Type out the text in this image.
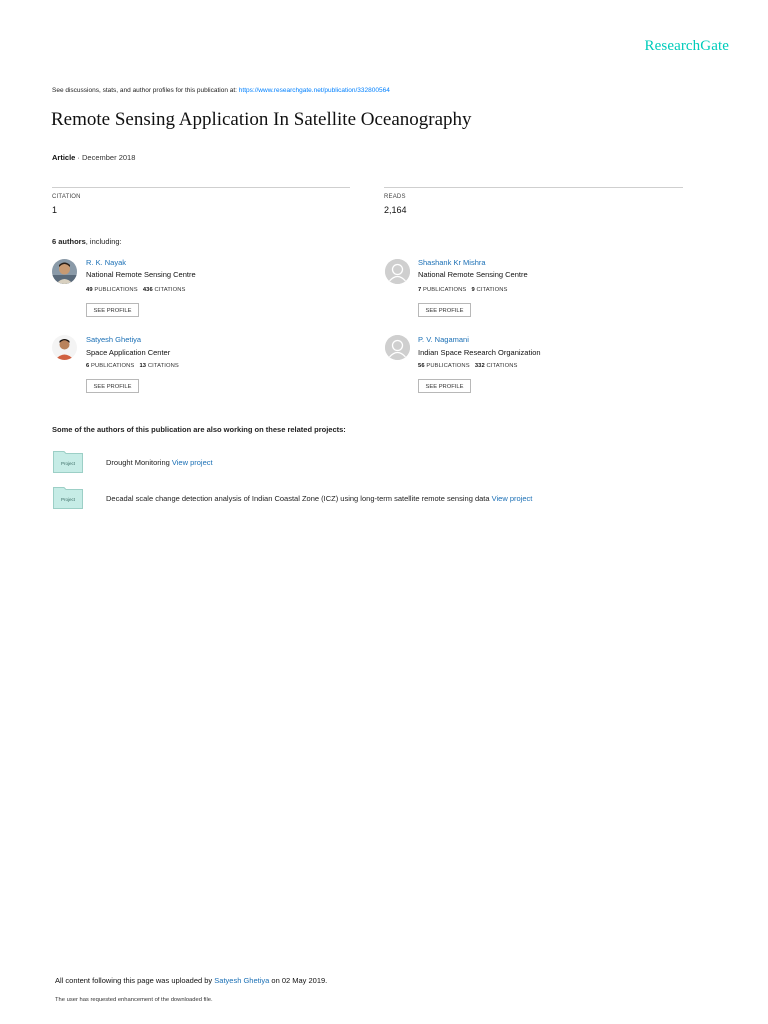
ResearchGate
See discussions, stats, and author profiles for this publication at: https://www.researchgate.net/publication/332800564
Remote Sensing Application In Satellite Oceanography
Article · December 2018
CITATION
1
READS
2,164
6 authors, including:
R. K. Nayak
National Remote Sensing Centre
49 PUBLICATIONS 436 CITATIONS
SEE PROFILE
Shashank Kr Mishra
National Remote Sensing Centre
7 PUBLICATIONS 9 CITATIONS
SEE PROFILE
Satyesh Ghetiya
Space Application Center
6 PUBLICATIONS 13 CITATIONS
SEE PROFILE
P. V. Nagamani
Indian Space Research Organization
56 PUBLICATIONS 332 CITATIONS
SEE PROFILE
Some of the authors of this publication are also working on these related projects:
Project	Drought Monitoring View project
Project	Decadal scale change detection analysis of Indian Coastal Zone (ICZ) using long-term satellite remote sensing data View project
All content following this page was uploaded by Satyesh Ghetiya on 02 May 2019.
The user has requested enhancement of the downloaded file.
